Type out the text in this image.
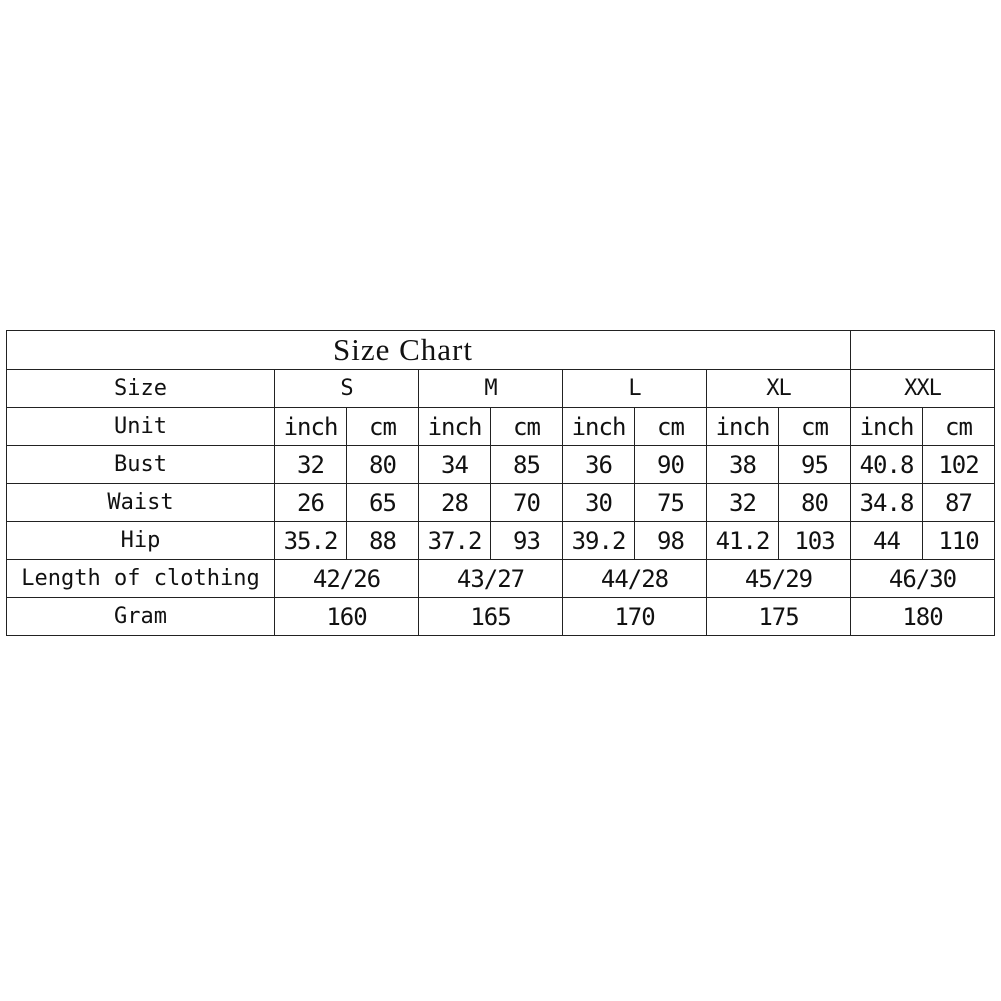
Size Chart										
Size	S		M		L		XL		XXL	
Unit	inch	cm	inch	cm	inch	cm	inch	cm	inch	cm
Bust	32	80	34	85	36	90	38	95	40.8	102
Waist	26	65	28	70	30	75	32	80	34.8	87
Hip	35.2	88	37.2	93	39.2	98	41.2	103	44	110
Length of clothing	42/26		43/27		44/28		45/29		46/30	
Gram	160		165		170		175		180	
